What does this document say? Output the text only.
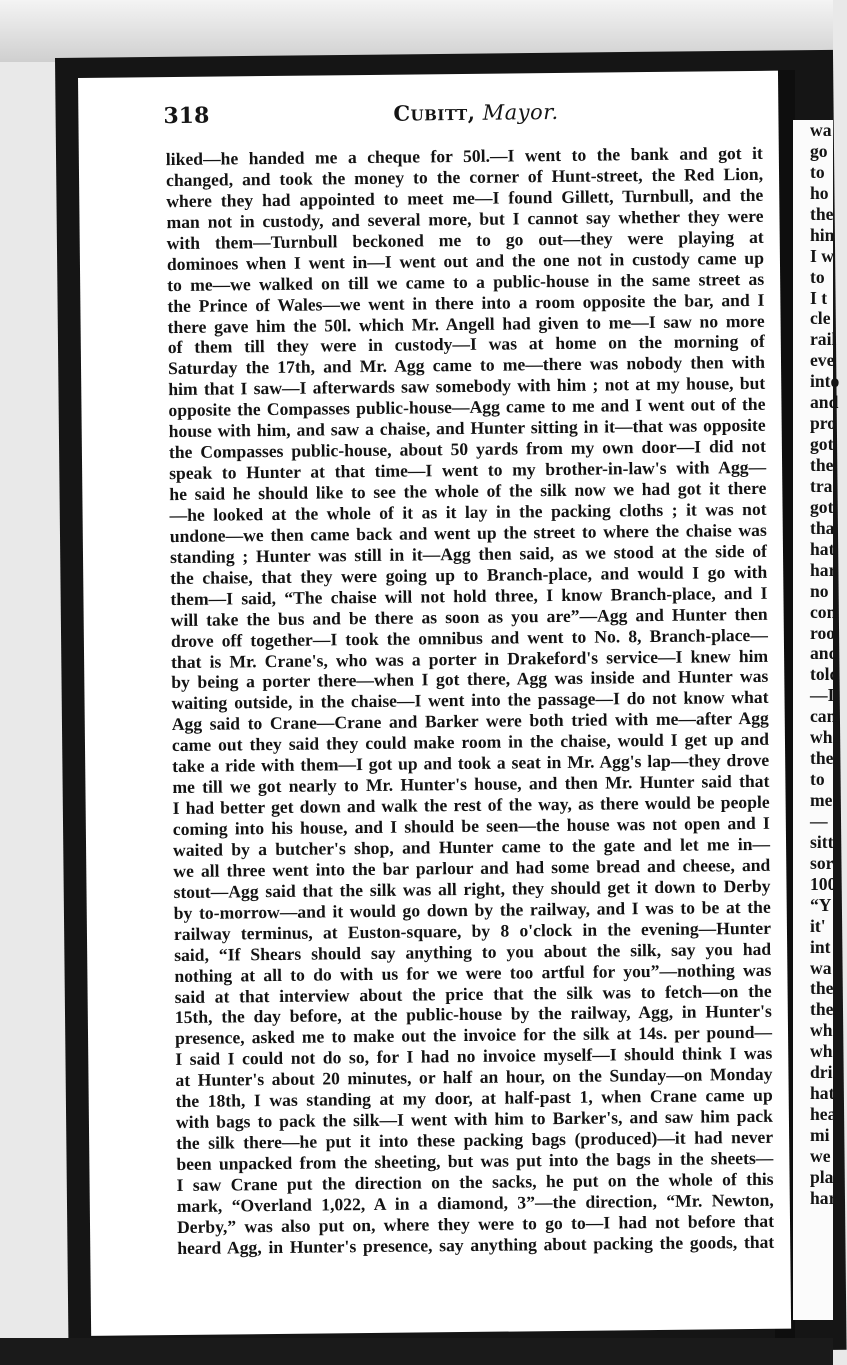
318	Cubitt, Mayor.
liked—he handed me a cheque for 50l.—I went to the bank and got it
changed, and took the money to the corner of Hunt-street, the Red Lion,
where they had appointed to meet me—I found Gillett, Turnbull, and the
man not in custody, and several more, but I cannot say whether they were
with them—Turnbull beckoned me to go out—they were playing at
dominoes when I went in—I went out and the one not in custody came up
to me—we walked on till we came to a public-house in the same street as
the Prince of Wales—we went in there into a room opposite the bar, and I
there gave him the 50l. which Mr. Angell had given to me—I saw no more
of them till they were in custody—I was at home on the morning of
Saturday the 17th, and Mr. Agg came to me—there was nobody then with
him that I saw—I afterwards saw somebody with him ; not at my house, but
opposite the Compasses public-house—Agg came to me and I went out of the
house with him, and saw a chaise, and Hunter sitting in it—that was opposite
the Compasses public-house, about 50 yards from my own door—I did not
speak to Hunter at that time—I went to my brother-in-law's with Agg—
he said he should like to see the whole of the silk now we had got it there
—he looked at the whole of it as it lay in the packing cloths ; it was not
undone—we then came back and went up the street to where the chaise was
standing ; Hunter was still in it—Agg then said, as we stood at the side of
the chaise, that they were going up to Branch-place, and would I go with
them—I said, “The chaise will not hold three, I know Branch-place, and I
will take the bus and be there as soon as you are”—Agg and Hunter then
drove off together—I took the omnibus and went to No. 8, Branch-place—
that is Mr. Crane's, who was a porter in Drakeford's service—I knew him
by being a porter there—when I got there, Agg was inside and Hunter was
waiting outside, in the chaise—I went into the passage—I do not know what
Agg said to Crane—Crane and Barker were both tried with me—after Agg
came out they said they could make room in the chaise, would I get up and
take a ride with them—I got up and took a seat in Mr. Agg's lap—they drove
me till we got nearly to Mr. Hunter's house, and then Mr. Hunter said that
I had better get down and walk the rest of the way, as there would be people
coming into his house, and I should be seen—the house was not open and I
waited by a butcher's shop, and Hunter came to the gate and let me in—
we all three went into the bar parlour and had some bread and cheese, and
stout—Agg said that the silk was all right, they should get it down to Derby
by to-morrow—and it would go down by the railway, and I was to be at the
railway terminus, at Euston-square, by 8 o'clock in the evening—Hunter
said, “If Shears should say anything to you about the silk, say you had
nothing at all to do with us for we were too artful for you”—nothing was
said at that interview about the price that the silk was to fetch—on the
15th, the day before, at the public-house by the railway, Agg, in Hunter's
presence, asked me to make out the invoice for the silk at 14s. per pound—
I said I could not do so, for I had no invoice myself—I should think I was
at Hunter's about 20 minutes, or half an hour, on the Sunday—on Monday
the 18th, I was standing at my door, at half-past 1, when Crane came up
with bags to pack the silk—I went with him to Barker's, and saw him pack
the silk there—he put it into these packing bags (produced)—it had never
been unpacked from the sheeting, but was put into the bags in the sheets—
I saw Crane put the direction on the sacks, he put on the whole of this
mark, “Overland 1,022, A in a diamond, 3”—the direction, “Mr. Newton,
Derby,” was also put on, where they were to go to—I had not before that
heard Agg, in Hunter's presence, say anything about packing the goods, that
wa
go
to
ho
the
hin
I w
to
I t
cle
rail
eve
into
and
pro
got
the
tra
got
tha
hat
har
no
con
roo
and
told
—I
can
wh
the
to
me
—
sitt
sor
100
“Y
it'
int
wa
the
the
wh
wh
dri
hat
hea
mi
we
pla
har
